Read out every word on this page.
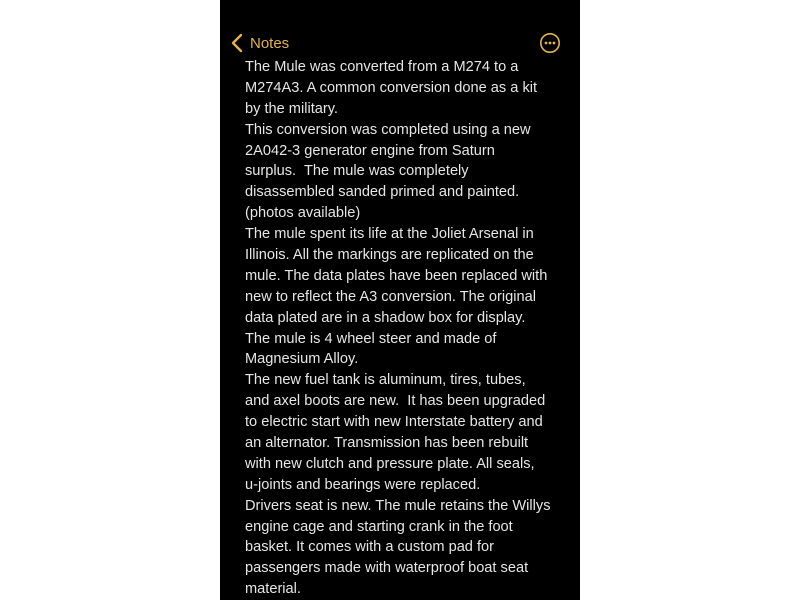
Notes
The Mule was converted from a M274 to a
M274A3. A common conversion done as a kit
by the military.
This conversion was completed using a new
2A042-3 generator engine from Saturn
surplus.  The mule was completely
disassembled sanded primed and painted.
(photos available)
The mule spent its life at the Joliet Arsenal in
Illinois. All the markings are replicated on the
mule. The data plates have been replaced with
new to reflect the A3 conversion. The original
data plated are in a shadow box for display.
The mule is 4 wheel steer and made of
Magnesium Alloy.
The new fuel tank is aluminum, tires, tubes,
and axel boots are new.  It has been upgraded
to electric start with new Interstate battery and
an alternator. Transmission has been rebuilt
with new clutch and pressure plate. All seals,
u-joints and bearings were replaced.
Drivers seat is new. The mule retains the Willys
engine cage and starting crank in the foot
basket. It comes with a custom pad for
passengers made with waterproof boat seat
material.
